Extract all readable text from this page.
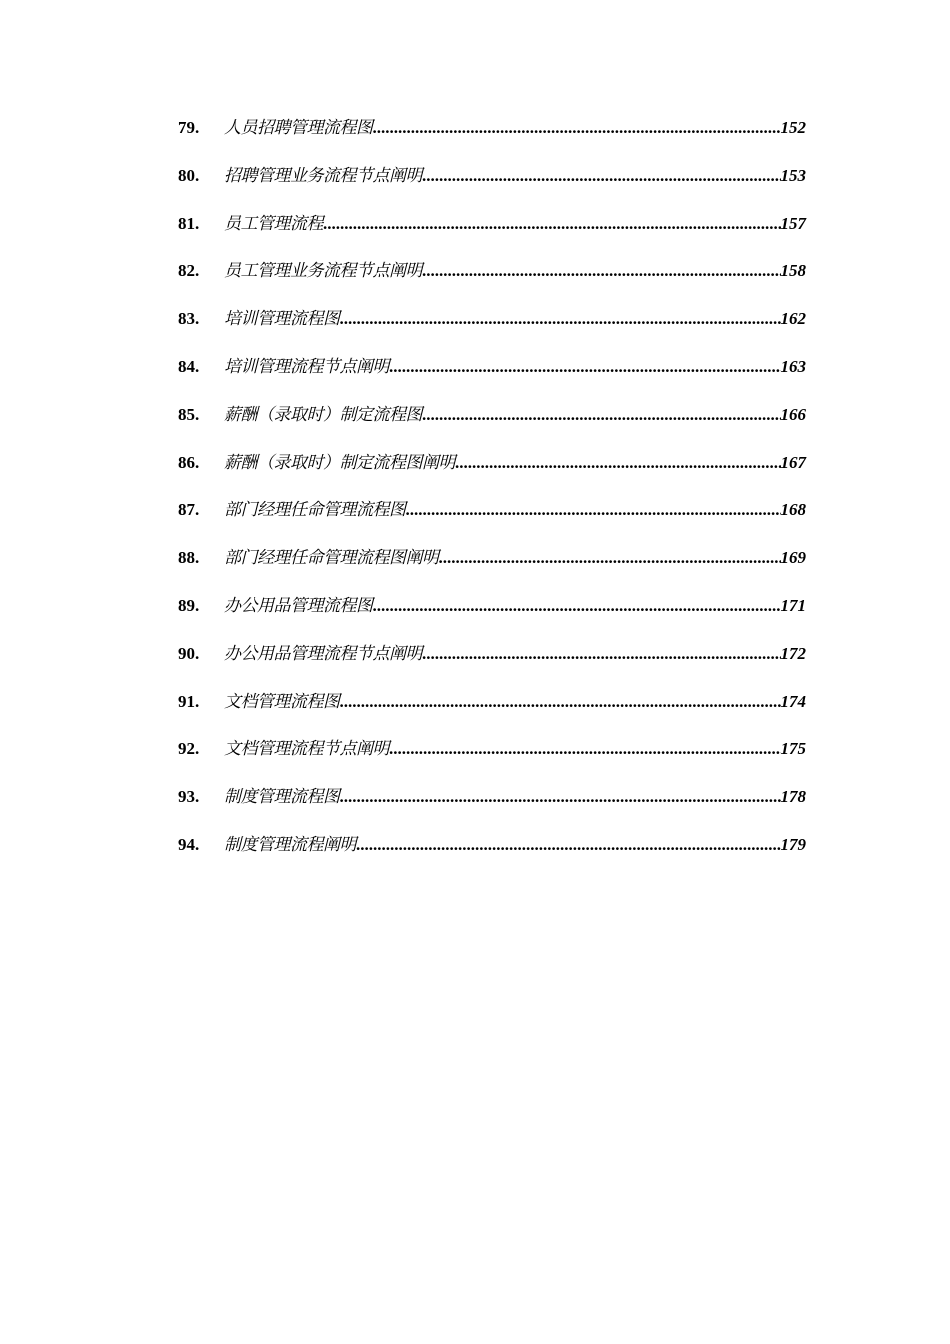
79.	人员招聘管理流程图 .....	152
80.	招聘管理业务流程节点阐明 .....	153
81.	员工管理流程 .....	157
82.	员工管理业务流程节点阐明 .....	158
83.	培训管理流程图 .....	162
84.	培训管理流程节点阐明 .....	163
85.	薪酬（录取时）制定流程图 .....	166
86.	薪酬（录取时）制定流程图阐明 .....	167
87.	部门经理任命管理流程图 .....	168
88.	部门经理任命管理流程图阐明 .....	169
89.	办公用品管理流程图 .....	171
90.	办公用品管理流程节点阐明 .....	172
91.	文档管理流程图 .....	174
92.	文档管理流程节点阐明 .....	175
93.	制度管理流程图 .....	178
94.	制度管理流程阐明 .....	179
